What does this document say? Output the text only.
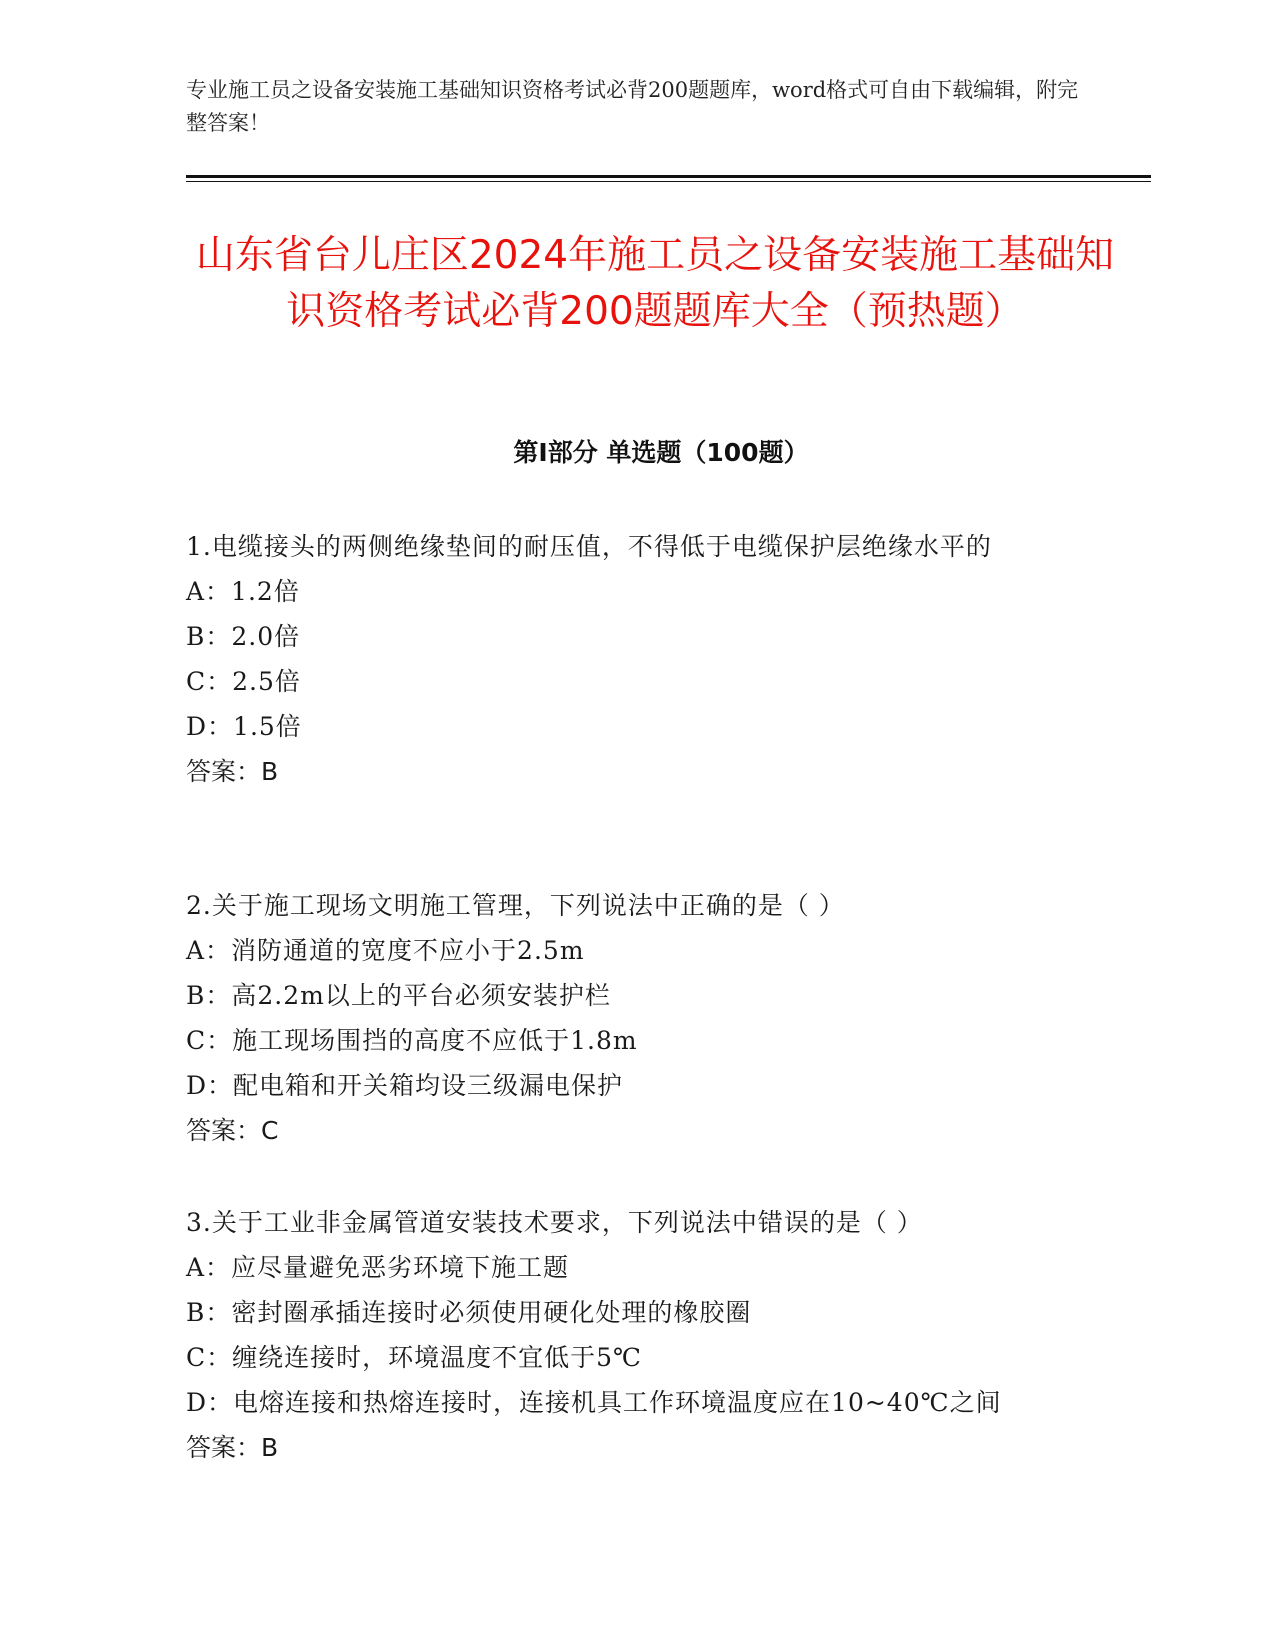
专业施工员之设备安装施工基础知识资格考试必背200题题库，word格式可自由下载编辑，附完整答案！
山东省台儿庄区2024年施工员之设备安装施工基础知识资格考试必背200题题库大全（预热题）
第Ⅰ部分 单选题（100题）
1.电缆接头的两侧绝缘垫间的耐压值，不得低于电缆保护层绝缘水平的
A：1.2倍
B：2.0倍
C：2.5倍
D：1.5倍
答案：B
2.关于施工现场文明施工管理，下列说法中正确的是（ ）
A：消防通道的宽度不应小于2.5m
B：高2.2m以上的平台必须安装护栏
C：施工现场围挡的高度不应低于1.8m
D：配电箱和开关箱均设三级漏电保护
答案：C
3.关于工业非金属管道安装技术要求，下列说法中错误的是（ ）
A：应尽量避免恶劣环境下施工题
B：密封圈承插连接时必须使用硬化处理的橡胶圈
C：缠绕连接时，环境温度不宜低于5℃
D：电熔连接和热熔连接时，连接机具工作环境温度应在10~40℃之间
答案：B
